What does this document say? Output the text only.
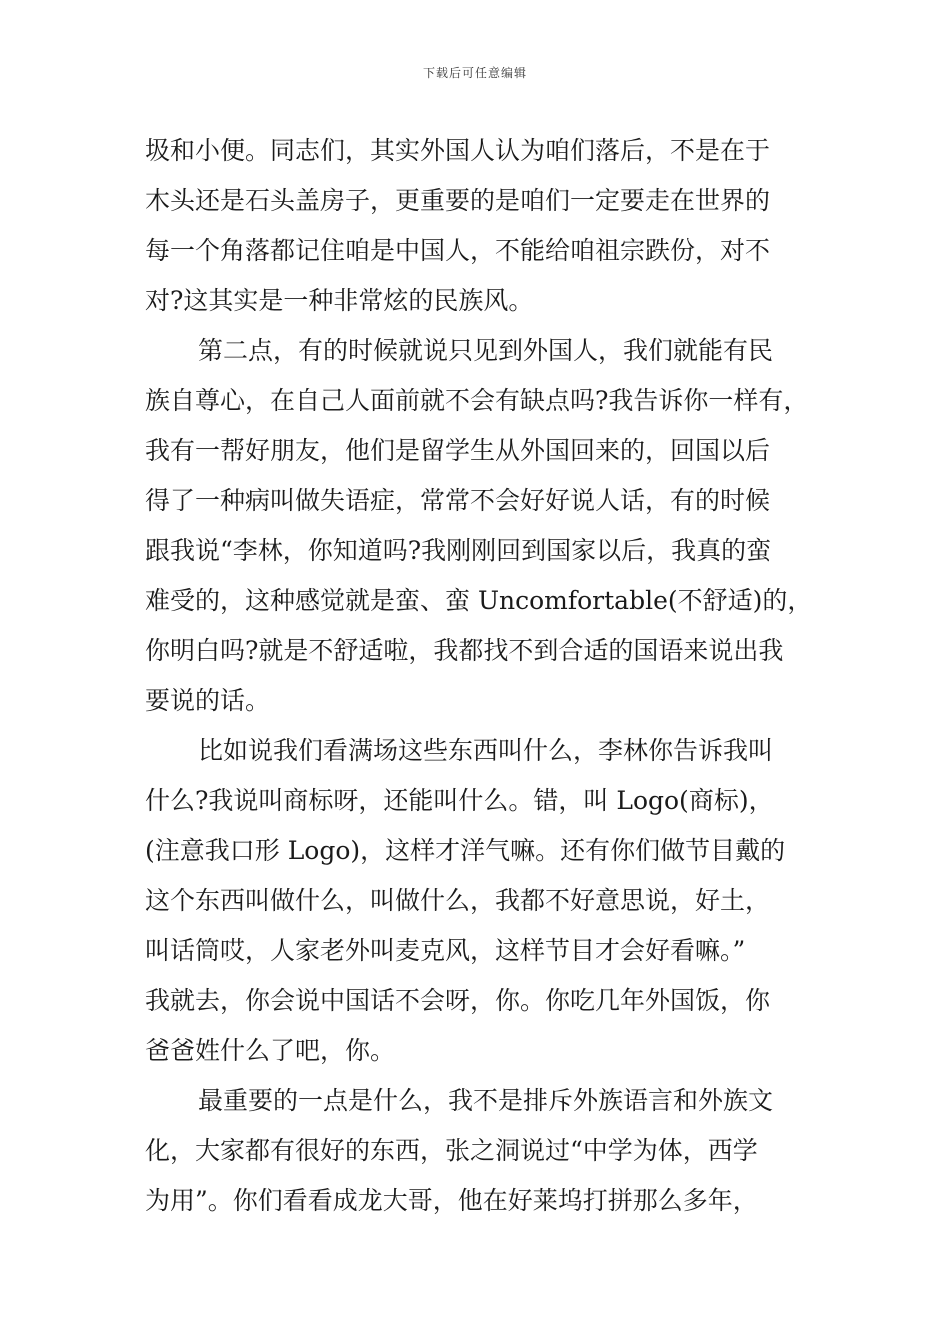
下载后可任意编辑
圾和小便。同志们，其实外国人认为咱们落后，不是在于
木头还是石头盖房子，更重要的是咱们一定要走在世界的
每一个角落都记住咱是中国人，不能给咱祖宗跌份，对不
对?这其实是一种非常炫的民族风。
第二点，有的时候就说只见到外国人，我们就能有民
族自尊心，在自己人面前就不会有缺点吗?我告诉你一样有，
我有一帮好朋友，他们是留学生从外国回来的，回国以后
得了一种病叫做失语症，常常不会好好说人话，有的时候
跟我说“李林，你知道吗?我刚刚回到国家以后，我真的蛮
难受的，这种感觉就是蛮、蛮 Uncomfortable(不舒适)的，
你明白吗?就是不舒适啦，我都找不到合适的国语来说出我
要说的话。
比如说我们看满场这些东西叫什么，李林你告诉我叫
什么?我说叫商标呀，还能叫什么。错，叫 Logo(商标)，
(注意我口形 Logo)，这样才洋气嘛。还有你们做节目戴的
这个东西叫做什么，叫做什么，我都不好意思说，好土，
叫话筒哎，人家老外叫麦克风，这样节目才会好看嘛。”
我就去，你会说中国话不会呀，你。你吃几年外国饭，你
爸爸姓什么了吧，你。
最重要的一点是什么，我不是排斥外族语言和外族文
化，大家都有很好的东西，张之洞说过“中学为体，西学
为用”。你们看看成龙大哥，他在好莱坞打拼那么多年，
